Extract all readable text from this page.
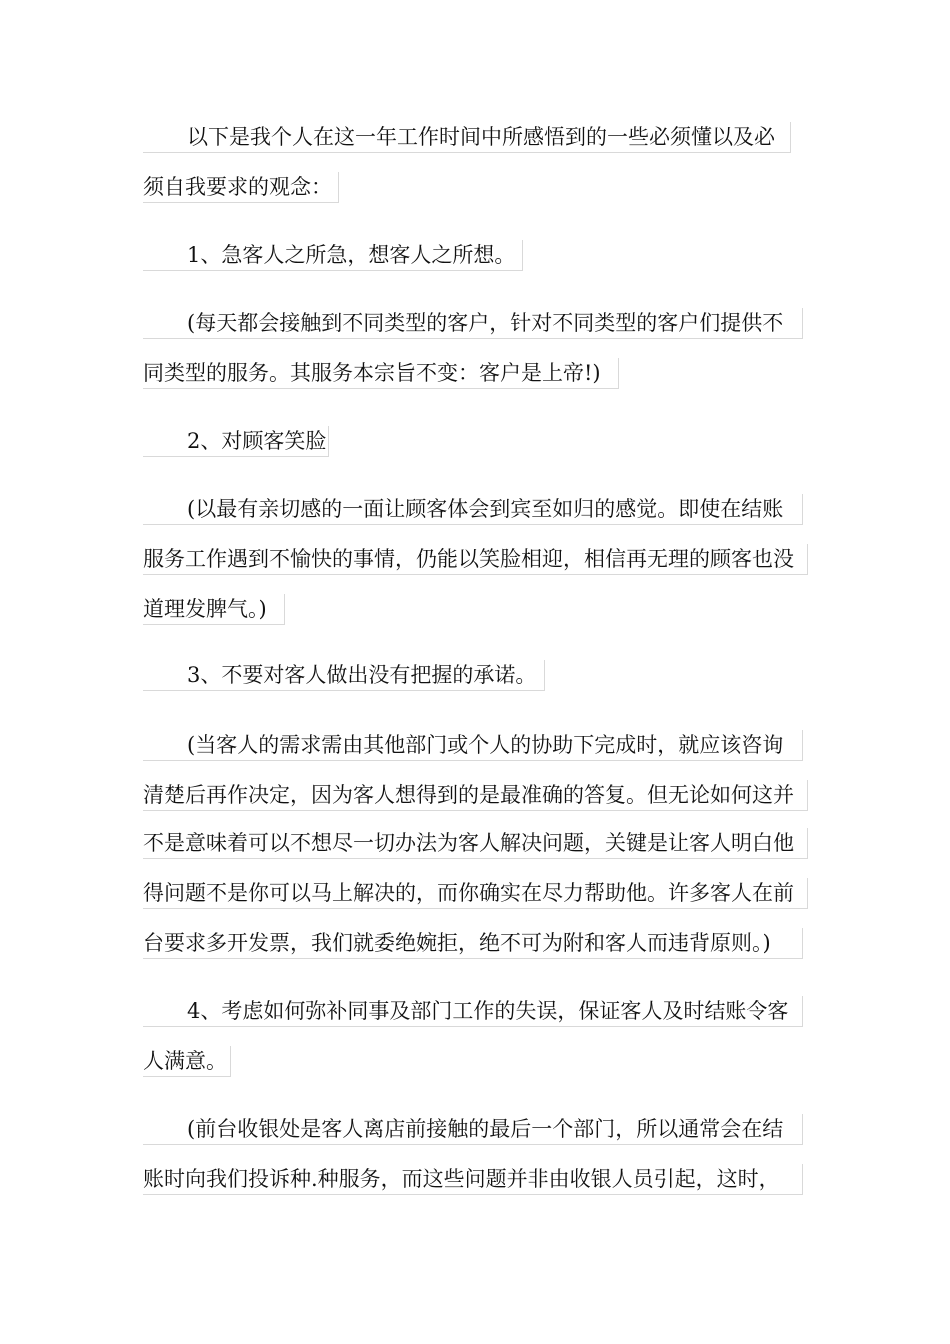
以下是我个人在这一年工作时间中所感悟到的一些必须懂以及必
须自我要求的观念：
1、急客人之所急，想客人之所想。
(每天都会接触到不同类型的客户，针对不同类型的客户们提供不
同类型的服务。其服务本宗旨不变：客户是上帝!)
2、对顾客笑脸
(以最有亲切感的一面让顾客体会到宾至如归的感觉。即使在结账
服务工作遇到不愉快的事情，仍能以笑脸相迎，相信再无理的顾客也没
道理发脾气。)
3、不要对客人做出没有把握的承诺。
(当客人的需求需由其他部门或个人的协助下完成时，就应该咨询
清楚后再作决定，因为客人想得到的是最准确的答复。但无论如何这并
不是意味着可以不想尽一切办法为客人解决问题，关键是让客人明白他
得问题不是你可以马上解决的，而你确实在尽力帮助他。许多客人在前
台要求多开发票，我们就委绝婉拒，绝不可为附和客人而违背原则。)
4、考虑如何弥补同事及部门工作的失误，保证客人及时结账令客
人满意。
(前台收银处是客人离店前接触的最后一个部门，所以通常会在结
账时向我们投诉种.种服务，而这些问题并非由收银人员引起，这时，
